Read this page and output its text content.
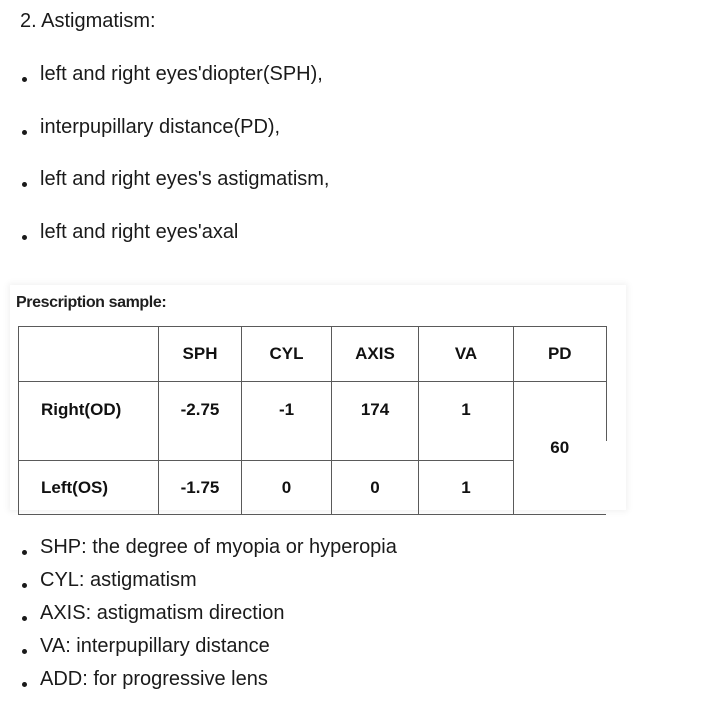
2. Astigmatism:
left and right eyes'diopter(SPH),
interpupillary distance(PD),
left and right eyes's astigmatism,
left and right eyes'axal
Prescription sample:
	SPH	CYL	AXIS	VA	PD
Right(OD)	-2.75	-1	174	1	60
Left(OS)	-1.75	0	0	1	
SHP: the degree of myopia or hyperopia
CYL: astigmatism
AXIS: astigmatism direction
VA: interpupillary distance
ADD: for progressive lens
